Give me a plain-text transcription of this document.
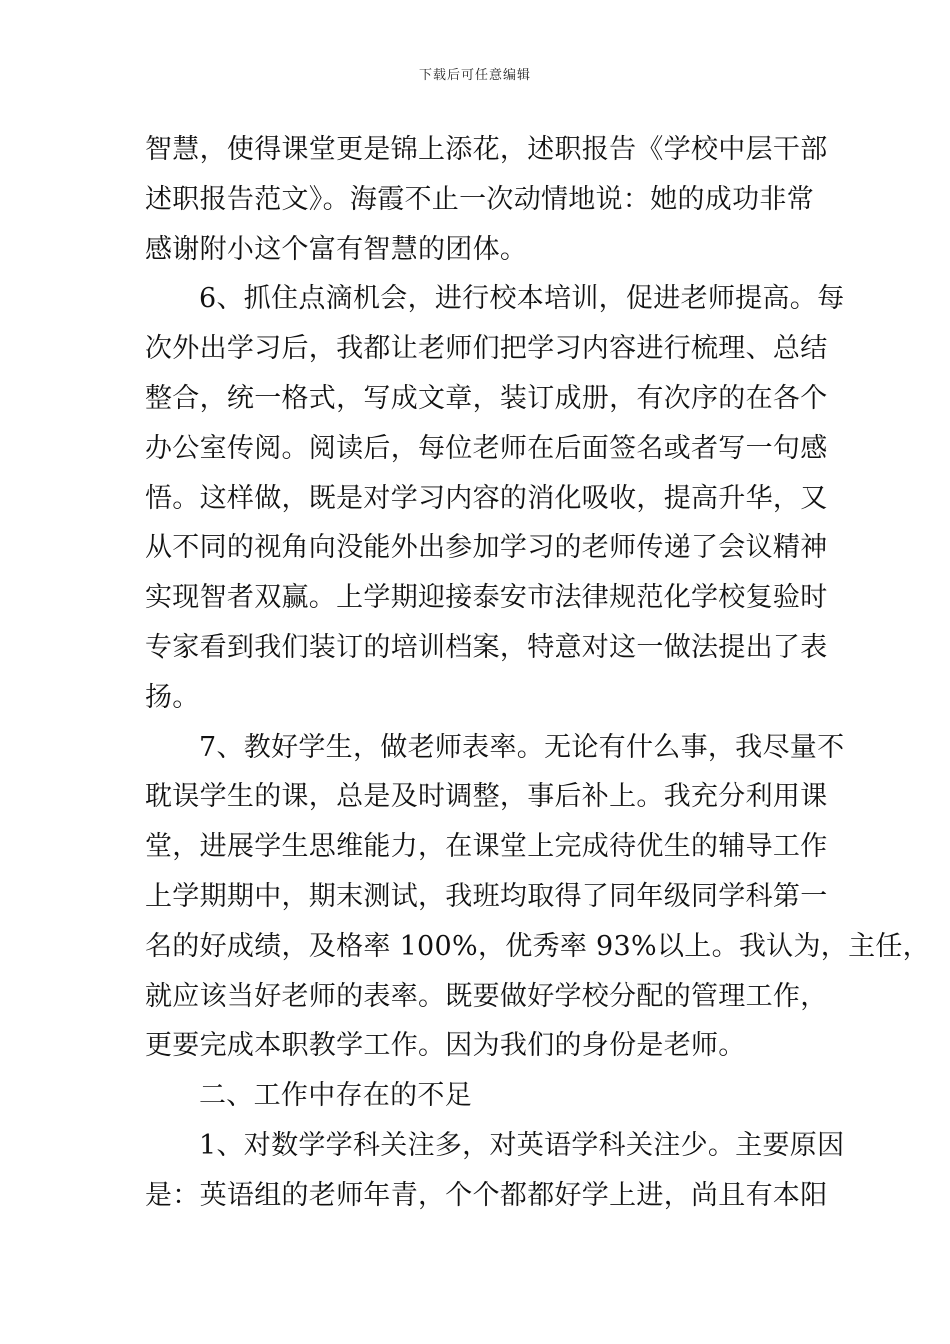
下载后可任意编辑
智慧，使得课堂更是锦上添花，述职报告《学校中层干部
述职报告范文》。海霞不止一次动情地说：她的成功非常
感谢附小这个富有智慧的团体。
6、抓住点滴机会，进行校本培训，促进老师提高。每
次外出学习后，我都让老师们把学习内容进行梳理、总结
整合，统一格式，写成文章，装订成册，有次序的在各个
办公室传阅。阅读后，每位老师在后面签名或者写一句感
悟。这样做，既是对学习内容的消化吸收，提高升华，又
从不同的视角向没能外出参加学习的老师传递了会议精神
实现智者双赢。上学期迎接泰安市法律规范化学校复验时
专家看到我们装订的培训档案，特意对这一做法提出了表
扬。
7、教好学生，做老师表率。无论有什么事，我尽量不
耽误学生的课，总是及时调整，事后补上。我充分利用课
堂，进展学生思维能力，在课堂上完成待优生的辅导工作
上学期期中，期末测试，我班均取得了同年级同学科第一
名的好成绩，及格率 100%，优秀率 93%以上。我认为，主任，
就应该当好老师的表率。既要做好学校分配的管理工作，
更要完成本职教学工作。因为我们的身份是老师。
二、工作中存在的不足
1、对数学学科关注多，对英语学科关注少。主要原因
是：英语组的老师年青，个个都都好学上进，尚且有本阳
